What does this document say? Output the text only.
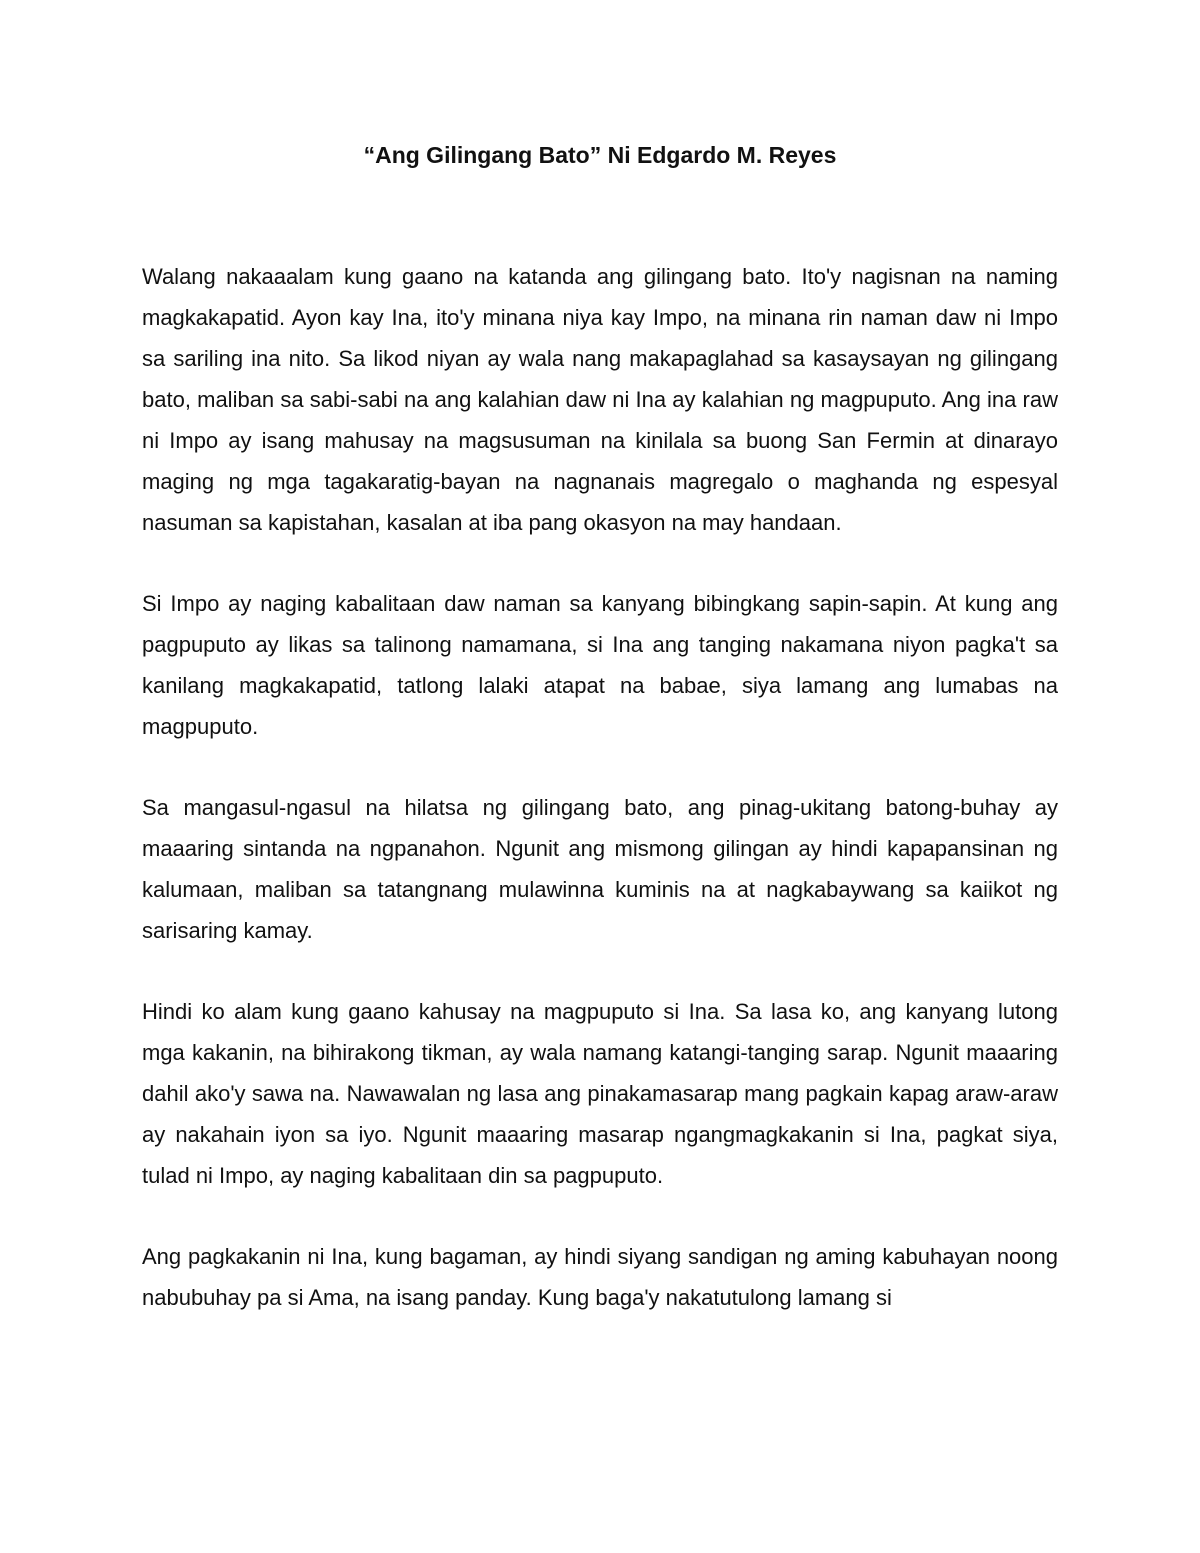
“Ang Gilingang Bato” Ni Edgardo M. Reyes

Walang nakaaalam kung gaano na katanda ang gilingang bato. Ito'y nagisnan na naming magkakapatid. Ayon kay Ina, ito'y minana niya kay Impo, na minana rin naman daw ni Impo sa sariling ina nito. Sa likod niyan ay wala nang makapaglahad sa kasaysayan ng gilingang bato, maliban sa sabi-sabi na ang kalahian daw ni Ina ay kalahian ng magpuputo. Ang ina raw ni Impo ay isang mahusay na magsusuman na kinilala sa buong San Fermin at dinarayo maging ng mga tagakaratig-bayan na nagnanais magregalo o maghanda ng espesyal nasuman sa kapistahan, kasalan at iba pang okasyon na may handaan.

Si Impo ay naging kabalitaan daw naman sa kanyang bibingkang sapin-sapin. At kung ang pagpuputo ay likas sa talinong namamana, si Ina ang tanging nakamana niyon pagka't sa kanilang magkakapatid, tatlong lalaki atapat na babae, siya lamang ang lumabas na magpuputo.

Sa mangasul-ngasul na hilatsa ng gilingang bato, ang pinag-ukitang batong-buhay ay maaaring sintanda na ngpanahon. Ngunit ang mismong gilingan ay hindi kapapansinan ng kalumaan, maliban sa tatangnang mulawinna kuminis na at nagkabaywang sa kaiikot ng sarisaring kamay.

Hindi ko alam kung gaano kahusay na magpuputo si Ina. Sa lasa ko, ang kanyang lutong mga kakanin, na bihirakong tikman, ay wala namang katangi-tanging sarap. Ngunit maaaring dahil ako'y sawa na. Nawawalan ng lasa ang pinakamasarap mang pagkain kapag araw-araw ay nakahain iyon sa iyo. Ngunit maaaring masarap ngangmagkakanin si Ina, pagkat siya, tulad ni Impo, ay naging kabalitaan din sa pagpuputo.

Ang pagkakanin ni Ina, kung bagaman, ay hindi siyang sandigan ng aming kabuhayan noong nabubuhay pa si Ama, na isang panday. Kung baga'y nakatutulong lamang si
